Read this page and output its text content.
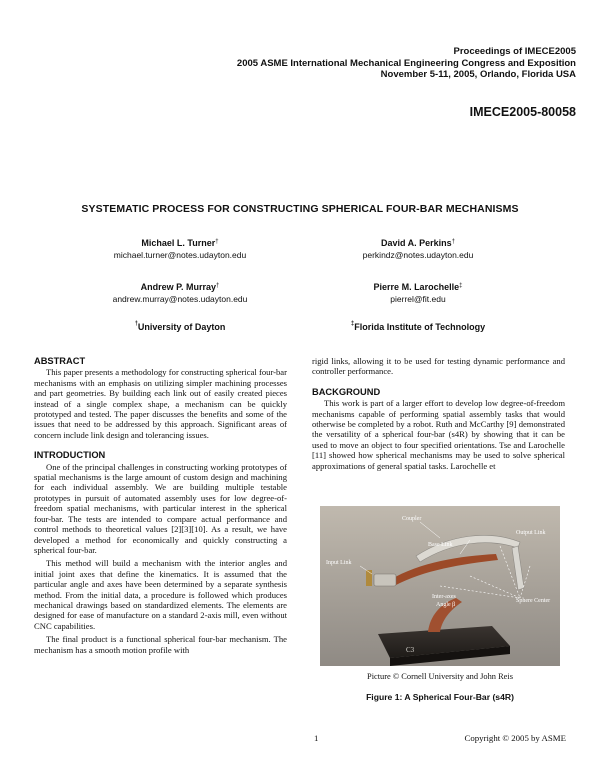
Proceedings of IMECE2005
2005 ASME International Mechanical Engineering Congress and Exposition
November 5-11, 2005, Orlando, Florida USA
IMECE2005-80058
SYSTEMATIC PROCESS FOR CONSTRUCTING SPHERICAL FOUR-BAR MECHANISMS
Michael L. Turner†
michael.turner@notes.udayton.edu
David A. Perkins†
perkindz@notes.udayton.edu
Andrew P. Murray†
andrew.murray@notes.udayton.edu
Pierre M. Larochelle‡
pierrel@fit.edu
†University of Dayton	‡Florida Institute of Technology
ABSTRACT

This paper presents a methodology for constructing spherical four-bar mechanisms with an emphasis on utilizing simpler machining processes and part geometries. By building each link out of easily created pieces instead of a single complex shape, a mechanism can be quickly prototyped and tested. The paper discusses the benefits and some of the issues that need to be addressed by this approach. Significant areas of concern include link design and tolerancing issues.

INTRODUCTION

One of the principal challenges in constructing working prototypes of spatial mechanisms is the large amount of custom design and machining for each individual assembly. We are building multiple testable prototypes in pursuit of automated assembly uses for low degree-of-freedom spatial mechanisms, with particular interest in the spherical four-bar. The tests are intended to compare actual performance and control methods to theoretical values [2][3][10]. As a result, we have developed a method for economically and quickly constructing a spherical four-bar.

This method will build a mechanism with the interior angles and initial joint axes that define the kinematics. It is assumed that the particular angle and axes have been determined by a separate synthesis method. From the initial data, a procedure is followed which produces mechanical drawings based on standardized elements. The elements are designed for ease of manufacture on a standard 2-axis mill, even without CNC capabilities.

The final product is a functional spherical four-bar mechanism. The mechanism has a smooth motion profile with

rigid links, allowing it to be used for testing dynamic performance and controller performance.
BACKGROUND

This work is part of a larger effort to develop low degree-of-freedom mechanisms capable of performing spatial assembly tasks that would otherwise be completed by a robot. Ruth and McCarthy [9] demonstrated the versatility of a spherical four-bar (s4R) by showing that it can be used to move an object to four specified orientations. Tse and Larochelle [11] showed how spherical mechanisms may be used to solve spherical approximations of general spatial tasks. Larochelle et

Coupler
Output Link
Base Link
Input Link
Sphere Center
Inter-axes
Angle β
C3
Picture © Cornell University and John Reis
Figure 1: A Spherical Four-Bar (s4R)
1	Copyright © 2005 by ASME
